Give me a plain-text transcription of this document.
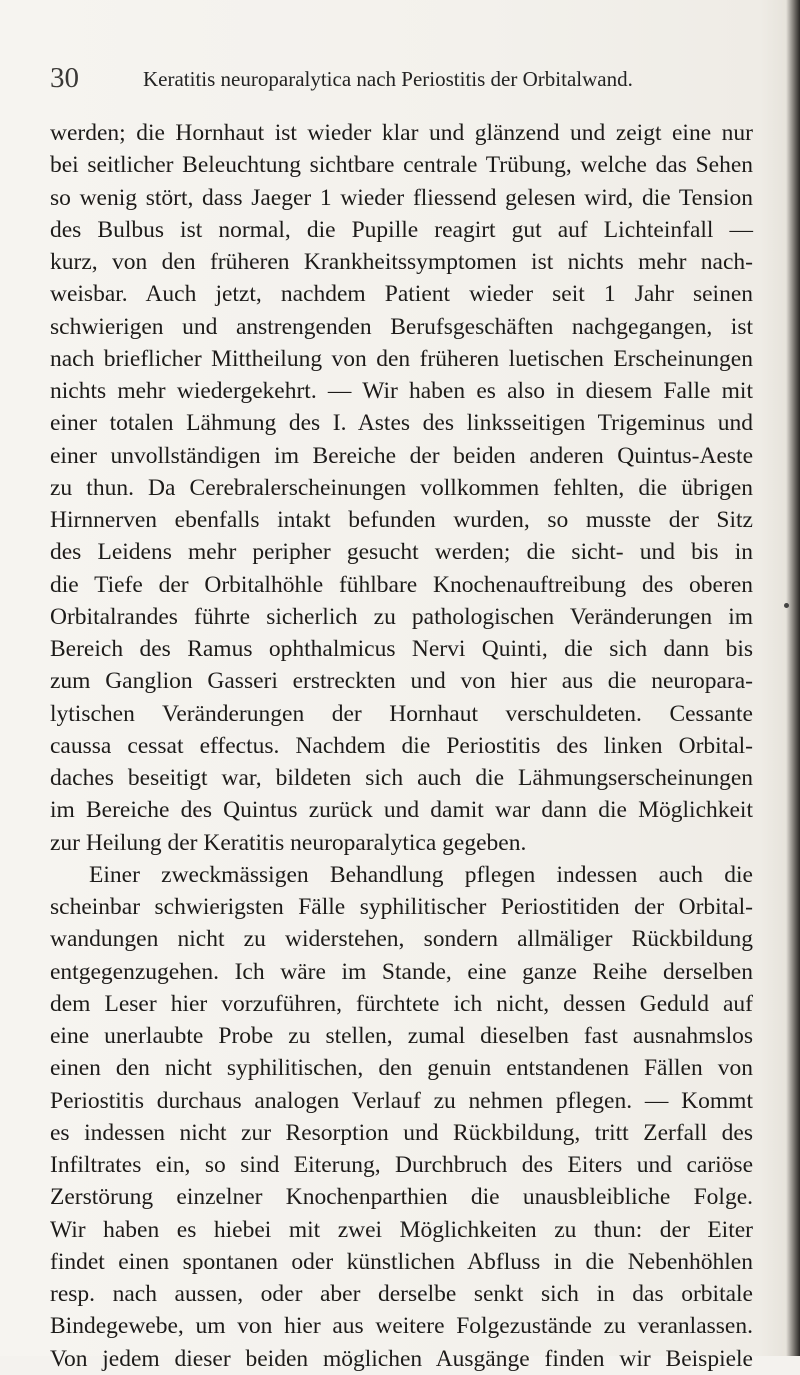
30	Keratitis neuroparalytica nach Periostitis der Orbitalwand.
werden; die Hornhaut ist wieder klar und glänzend und zeigt eine nur
bei seitlicher Beleuchtung sichtbare centrale Trübung, welche das Sehen
so wenig stört, dass Jaeger 1 wieder fliessend gelesen wird, die Tension
des Bulbus ist normal, die Pupille reagirt gut auf Lichteinfall —
kurz, von den früheren Krankheitssymptomen ist nichts mehr nach-
weisbar. Auch jetzt, nachdem Patient wieder seit 1 Jahr seinen
schwierigen und anstrengenden Berufsgeschäften nachgegangen, ist
nach brieflicher Mittheilung von den früheren luetischen Erscheinungen
nichts mehr wiedergekehrt. — Wir haben es also in diesem Falle mit
einer totalen Lähmung des I. Astes des linksseitigen Trigeminus und
einer unvollständigen im Bereiche der beiden anderen Quintus-Aeste
zu thun. Da Cerebralerscheinungen vollkommen fehlten, die übrigen
Hirnnerven ebenfalls intakt befunden wurden, so musste der Sitz
des Leidens mehr peripher gesucht werden; die sicht- und bis in
die Tiefe der Orbitalhöhle fühlbare Knochenauftreibung des oberen
Orbitalrandes führte sicherlich zu pathologischen Veränderungen im
Bereich des Ramus ophthalmicus Nervi Quinti, die sich dann bis
zum Ganglion Gasseri erstreckten und von hier aus die neuropara-
lytischen Veränderungen der Hornhaut verschuldeten. Cessante
caussa cessat effectus. Nachdem die Periostitis des linken Orbital-
daches beseitigt war, bildeten sich auch die Lähmungserscheinungen
im Bereiche des Quintus zurück und damit war dann die Möglichkeit
zur Heilung der Keratitis neuroparalytica gegeben.
Einer zweckmässigen Behandlung pflegen indessen auch die
scheinbar schwierigsten Fälle syphilitischer Periostitiden der Orbital-
wandungen nicht zu widerstehen, sondern allmäliger Rückbildung
entgegenzugehen. Ich wäre im Stande, eine ganze Reihe derselben
dem Leser hier vorzuführen, fürchtete ich nicht, dessen Geduld auf
eine unerlaubte Probe zu stellen, zumal dieselben fast ausnahmslos
einen den nicht syphilitischen, den genuin entstandenen Fällen von
Periostitis durchaus analogen Verlauf zu nehmen pflegen. — Kommt
es indessen nicht zur Resorption und Rückbildung, tritt Zerfall des
Infiltrates ein, so sind Eiterung, Durchbruch des Eiters und cariöse
Zerstörung einzelner Knochenparthien die unausbleibliche Folge.
Wir haben es hiebei mit zwei Möglichkeiten zu thun: der Eiter
findet einen spontanen oder künstlichen Abfluss in die Nebenhöhlen
resp. nach aussen, oder aber derselbe senkt sich in das orbitale
Bindegewebe, um von hier aus weitere Folgezustände zu veranlassen.
Von jedem dieser beiden möglichen Ausgänge finden wir Beispiele
